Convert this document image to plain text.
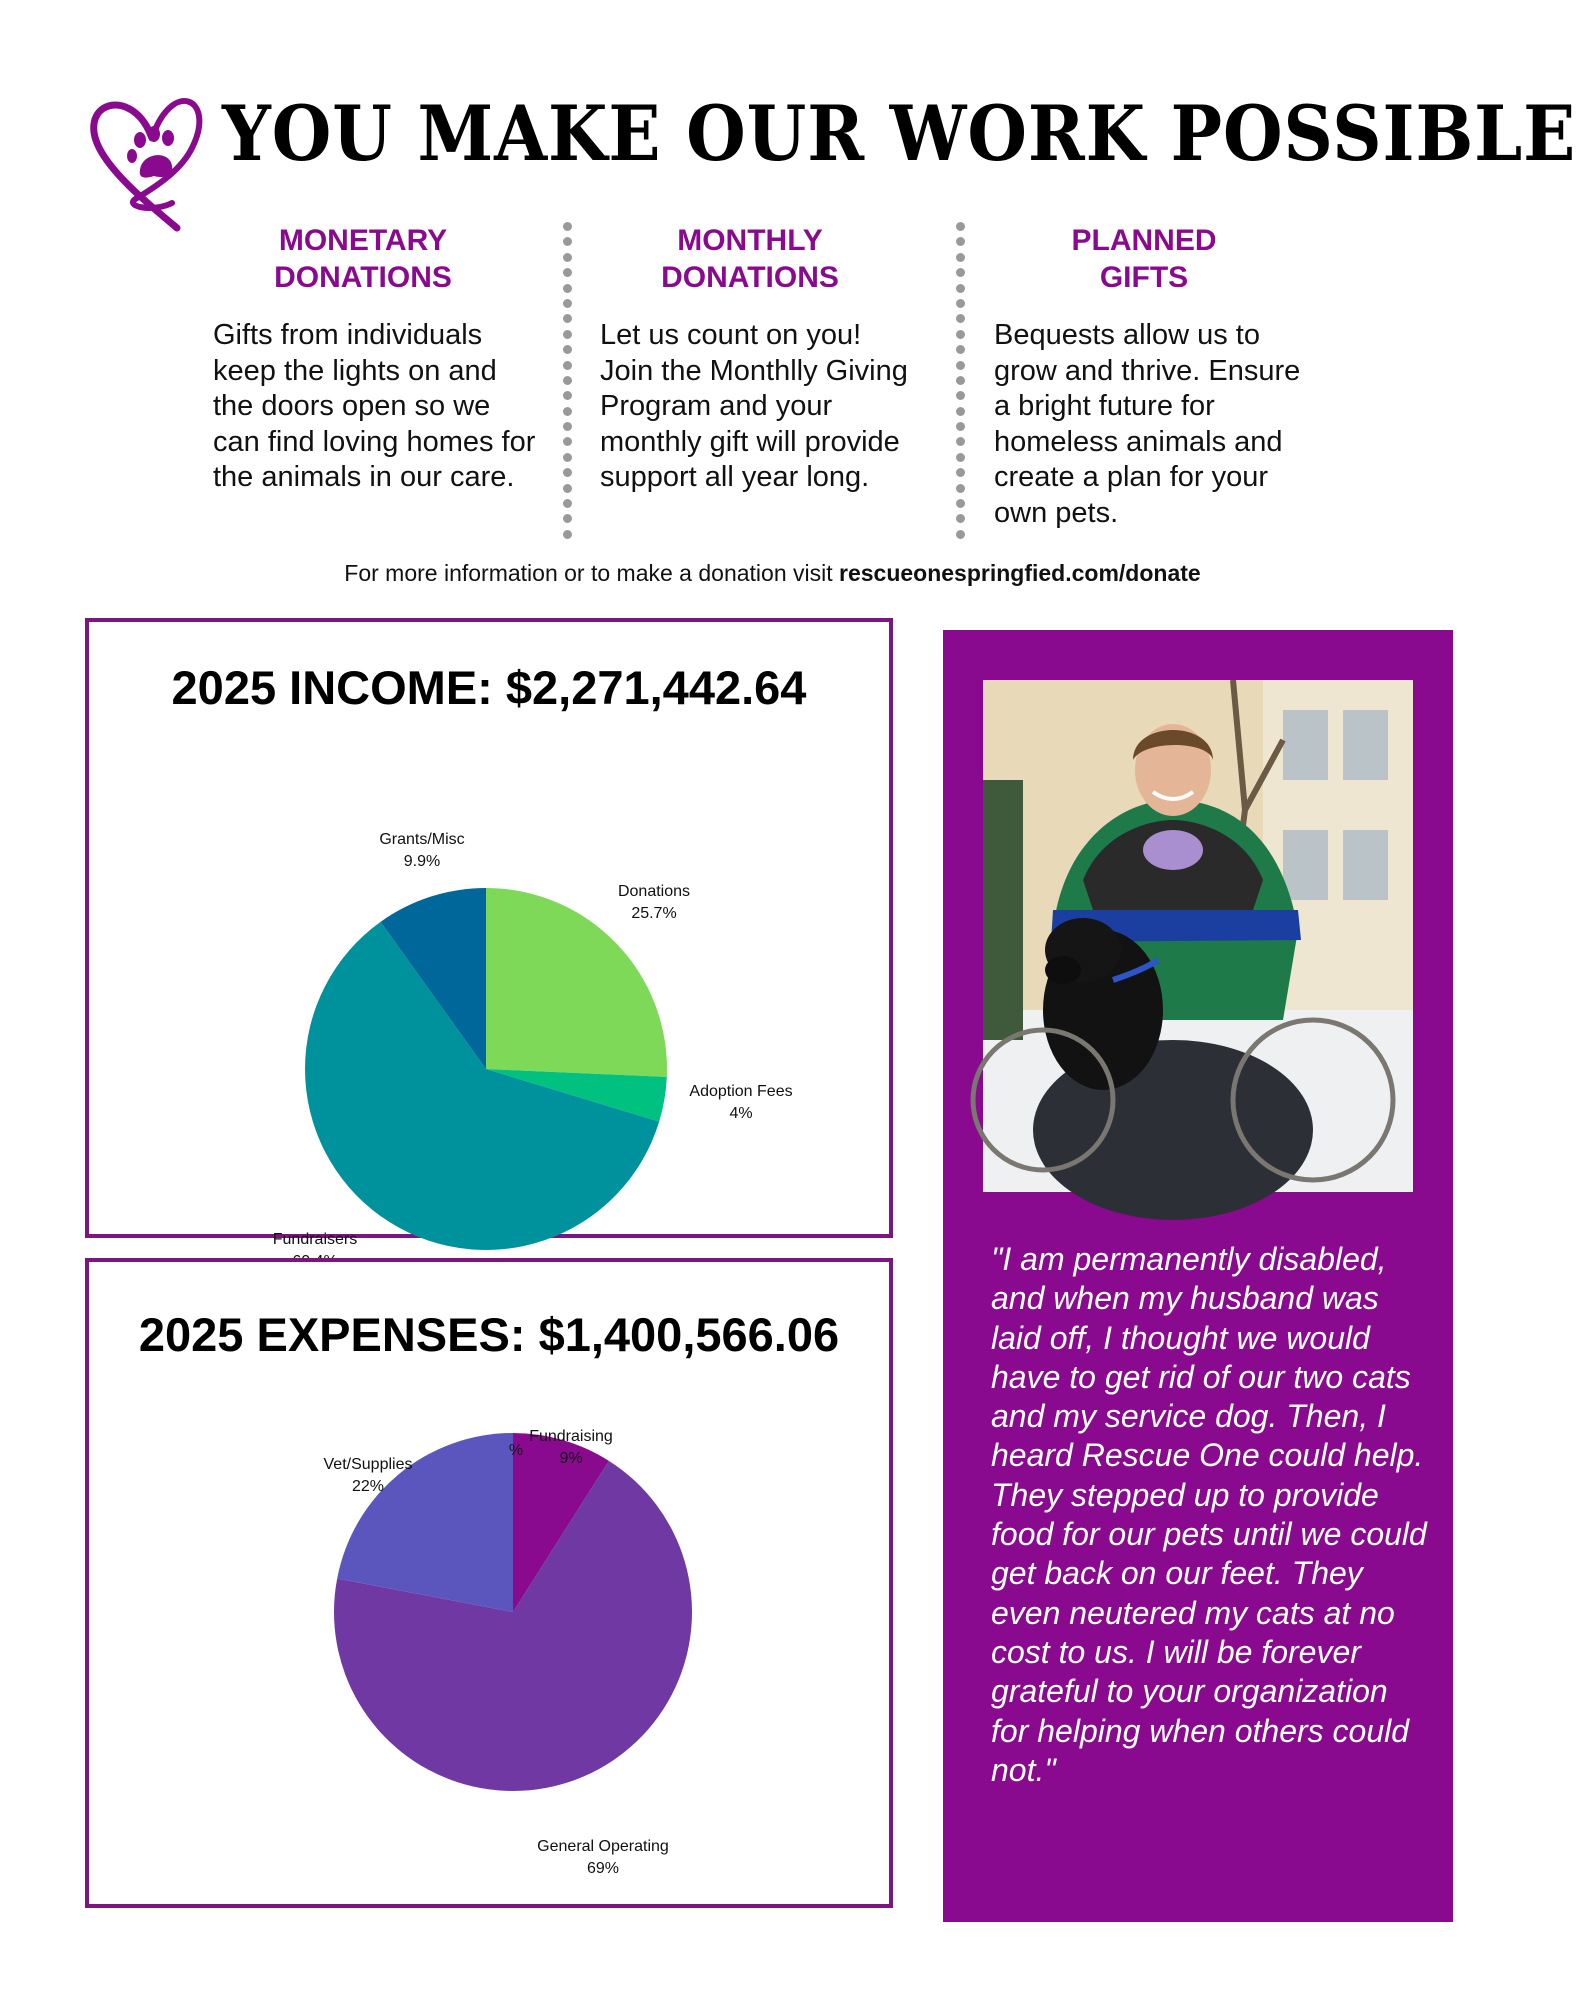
YOU MAKE OUR WORK POSSIBLE
MONETARY
DONATIONS

Gifts from individuals keep the lights on and the doors open so we can find loving homes for the animals in our care.

MONTHLY
DONATIONS

Let us count on you! Join the Monthlly Giving Program and your monthly gift will provide support all year long.

PLANNED
GIFTS

Bequests allow us to grow and thrive. Ensure a bright future for homeless animals and create a plan for your own pets.

For more information or to make a donation visit rescueonespringfied.com/donate
2025 INCOME: $2,271,442.64
Donations
25.7%
Adoption Fees
4%
Fundraisers
Grants/Misc
9.9%
2025 EXPENSES: $1,400,566.06
Fundraising
9%
General Operating
69%
Vet/Supplies
22%
%
"I am permanently disabled, and when my husband was laid off, I thought we would have to get rid of our two cats and my service dog. Then, I heard Rescue One could help. They stepped up to provide food for our pets until we could get back on our feet. They even neutered my cats at no cost to us. I will be forever grateful to your organization for helping when others could not."
